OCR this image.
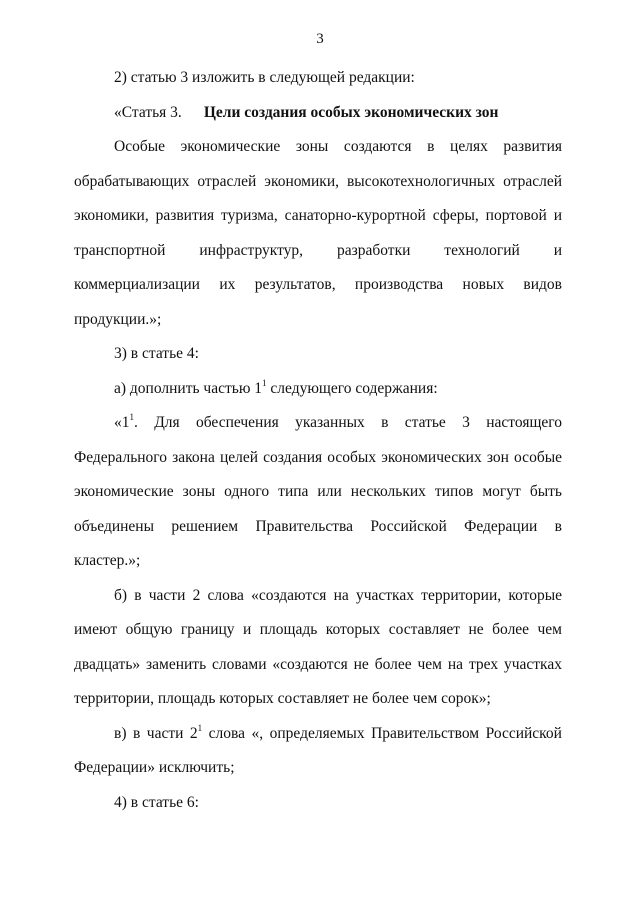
3

2) статью 3 изложить в следующей редакции:

«Статья 3. Цели создания особых экономических зон

Особые экономические зоны создаются в целях развития обрабатывающих отраслей экономики, высокотехнологичных отраслей экономики, развития туризма, санаторно-курортной сферы, портовой и транспортной инфраструктур, разработки технологий и коммерциализации их результатов, производства новых видов продукции.»;

3) в статье 4:

а) дополнить частью $1^1$ следующего содержания:

«$1^1$. Для обеспечения указанных в статье 3 настоящего Федерального закона целей создания особых экономических зон особые экономические зоны одного типа или нескольких типов могут быть объединены решением Правительства Российской Федерации в кластер.»;

б) в части 2 слова «создаются на участках территории, которые имеют общую границу и площадь которых составляет не более чем двадцать» заменить словами «создаются не более чем на трех участках территории, площадь которых составляет не более чем сорок»;

в) в части $2^1$ слова «, определяемых Правительством Российской Федерации» исключить;

4) в статье 6:
